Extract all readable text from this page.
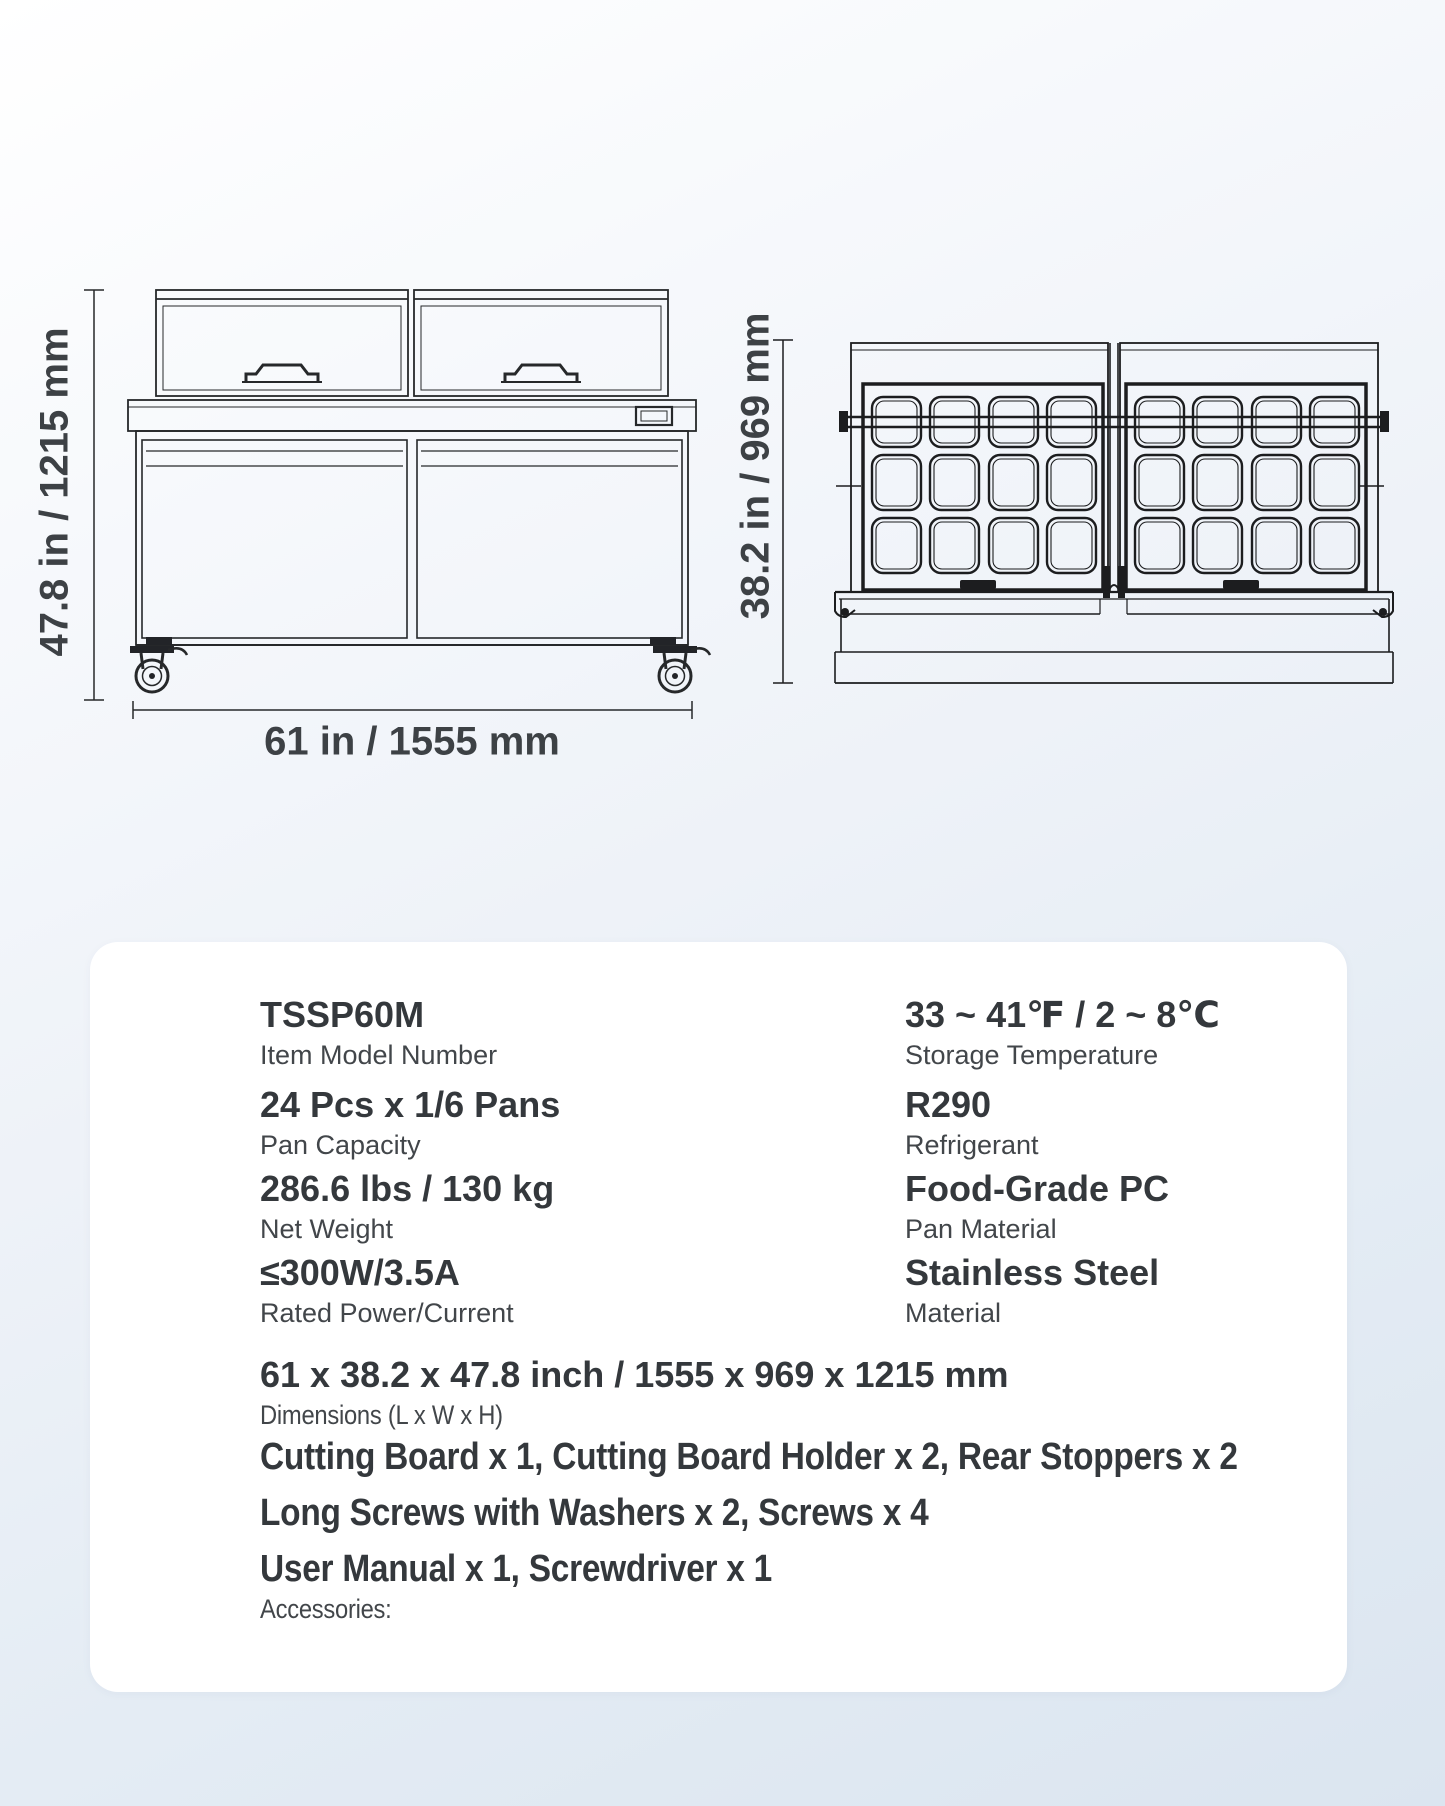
47.8 in / 1215 mm
61 in / 1555 mm
38.2 in / 969 mm
TSSP60M
Item Model Number
33 ~ 41℉ / 2 ~ 8℃
Storage Temperature
24 Pcs x 1/6 Pans
Pan Capacity
R290
Refrigerant
286.6 lbs / 130 kg
Net Weight
Food-Grade PC
Pan Material
≤300W/3.5A
Rated Power/Current
Stainless Steel
Material
61 x 38.2 x 47.8 inch / 1555 x 969 x 1215 mm
Dimensions (L x W x H)
Cutting Board x 1, Cutting Board Holder x 2, Rear Stoppers x 2
Long Screws with Washers x 2, Screws x 4
User Manual x 1, Screwdriver x 1
Accessories:
